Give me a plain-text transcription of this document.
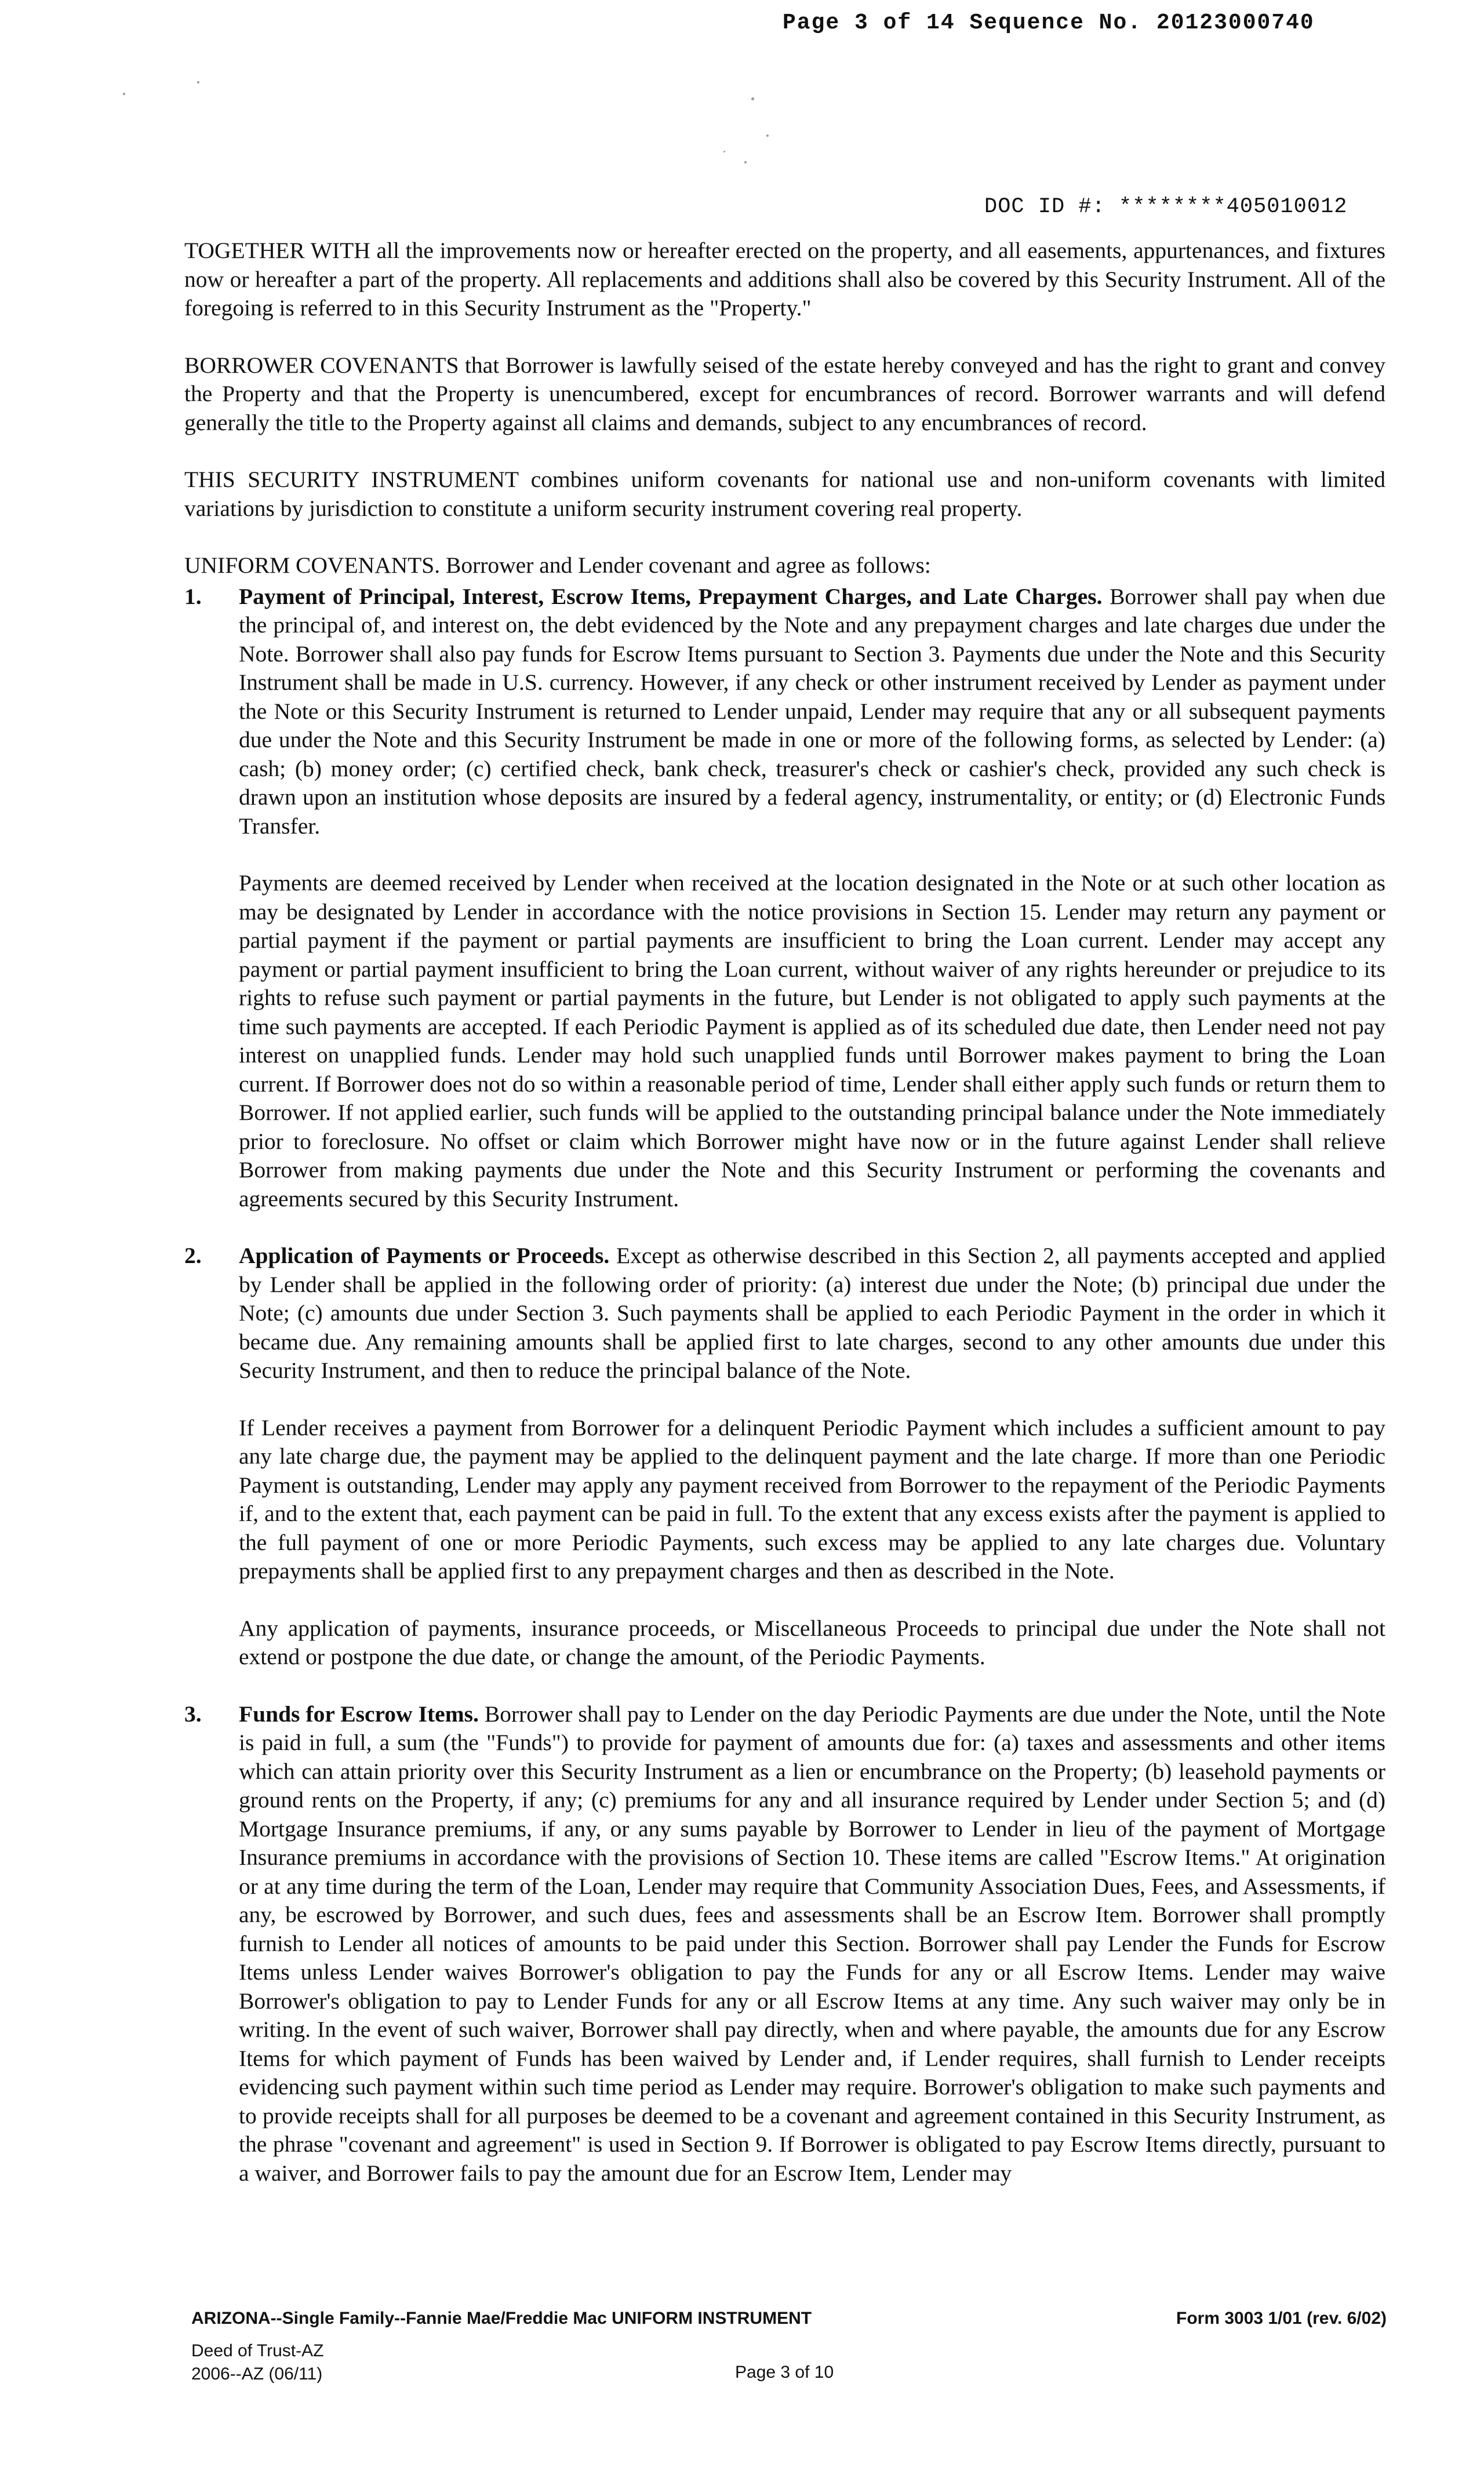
Page 3 of 14 Sequence No. 20123000740
DOC ID #: ********405010012

TOGETHER WITH all the improvements now or hereafter erected on the property, and all easements, appurtenances, and fixtures now or hereafter a part of the property. All replacements and additions shall also be covered by this Security Instrument. All of the foregoing is referred to in this Security Instrument as the "Property."

BORROWER COVENANTS that Borrower is lawfully seised of the estate hereby conveyed and has the right to grant and convey the Property and that the Property is unencumbered, except for encumbrances of record. Borrower warrants and will defend generally the title to the Property against all claims and demands, subject to any encumbrances of record.

THIS SECURITY INSTRUMENT combines uniform covenants for national use and non-uniform covenants with limited variations by jurisdiction to constitute a uniform security instrument covering real property.

UNIFORM COVENANTS. Borrower and Lender covenant and agree as follows:

1. Payment of Principal, Interest, Escrow Items, Prepayment Charges, and Late Charges. Borrower shall pay when due the principal of, and interest on, the debt evidenced by the Note and any prepayment charges and late charges due under the Note. Borrower shall also pay funds for Escrow Items pursuant to Section 3. Payments due under the Note and this Security Instrument shall be made in U.S. currency. However, if any check or other instrument received by Lender as payment under the Note or this Security Instrument is returned to Lender unpaid, Lender may require that any or all subsequent payments due under the Note and this Security Instrument be made in one or more of the following forms, as selected by Lender: (a) cash; (b) money order; (c) certified check, bank check, treasurer's check or cashier's check, provided any such check is drawn upon an institution whose deposits are insured by a federal agency, instrumentality, or entity; or (d) Electronic Funds Transfer.

Payments are deemed received by Lender when received at the location designated in the Note or at such other location as may be designated by Lender in accordance with the notice provisions in Section 15. Lender may return any payment or partial payment if the payment or partial payments are insufficient to bring the Loan current. Lender may accept any payment or partial payment insufficient to bring the Loan current, without waiver of any rights hereunder or prejudice to its rights to refuse such payment or partial payments in the future, but Lender is not obligated to apply such payments at the time such payments are accepted. If each Periodic Payment is applied as of its scheduled due date, then Lender need not pay interest on unapplied funds. Lender may hold such unapplied funds until Borrower makes payment to bring the Loan current. If Borrower does not do so within a reasonable period of time, Lender shall either apply such funds or return them to Borrower. If not applied earlier, such funds will be applied to the outstanding principal balance under the Note immediately prior to foreclosure. No offset or claim which Borrower might have now or in the future against Lender shall relieve Borrower from making payments due under the Note and this Security Instrument or performing the covenants and agreements secured by this Security Instrument.

2. Application of Payments or Proceeds. Except as otherwise described in this Section 2, all payments accepted and applied by Lender shall be applied in the following order of priority: (a) interest due under the Note; (b) principal due under the Note; (c) amounts due under Section 3. Such payments shall be applied to each Periodic Payment in the order in which it became due. Any remaining amounts shall be applied first to late charges, second to any other amounts due under this Security Instrument, and then to reduce the principal balance of the Note.

If Lender receives a payment from Borrower for a delinquent Periodic Payment which includes a sufficient amount to pay any late charge due, the payment may be applied to the delinquent payment and the late charge. If more than one Periodic Payment is outstanding, Lender may apply any payment received from Borrower to the repayment of the Periodic Payments if, and to the extent that, each payment can be paid in full. To the extent that any excess exists after the payment is applied to the full payment of one or more Periodic Payments, such excess may be applied to any late charges due. Voluntary prepayments shall be applied first to any prepayment charges and then as described in the Note.

Any application of payments, insurance proceeds, or Miscellaneous Proceeds to principal due under the Note shall not extend or postpone the due date, or change the amount, of the Periodic Payments.

3. Funds for Escrow Items. Borrower shall pay to Lender on the day Periodic Payments are due under the Note, until the Note is paid in full, a sum (the "Funds") to provide for payment of amounts due for: (a) taxes and assessments and other items which can attain priority over this Security Instrument as a lien or encumbrance on the Property; (b) leasehold payments or ground rents on the Property, if any; (c) premiums for any and all insurance required by Lender under Section 5; and (d) Mortgage Insurance premiums, if any, or any sums payable by Borrower to Lender in lieu of the payment of Mortgage Insurance premiums in accordance with the provisions of Section 10. These items are called "Escrow Items." At origination or at any time during the term of the Loan, Lender may require that Community Association Dues, Fees, and Assessments, if any, be escrowed by Borrower, and such dues, fees and assessments shall be an Escrow Item. Borrower shall promptly furnish to Lender all notices of amounts to be paid under this Section. Borrower shall pay Lender the Funds for Escrow Items unless Lender waives Borrower's obligation to pay the Funds for any or all Escrow Items. Lender may waive Borrower's obligation to pay to Lender Funds for any or all Escrow Items at any time. Any such waiver may only be in writing. In the event of such waiver, Borrower shall pay directly, when and where payable, the amounts due for any Escrow Items for which payment of Funds has been waived by Lender and, if Lender requires, shall furnish to Lender receipts evidencing such payment within such time period as Lender may require. Borrower's obligation to make such payments and to provide receipts shall for all purposes be deemed to be a covenant and agreement contained in this Security Instrument, as the phrase "covenant and agreement" is used in Section 9. If Borrower is obligated to pay Escrow Items directly, pursuant to a waiver, and Borrower fails to pay the amount due for an Escrow Item, Lender may

ARIZONA--Single Family--Fannie Mae/Freddie Mac UNIFORM INSTRUMENT	Form 3003 1/01 (rev. 6/02)
Deed of Trust-AZ
2006--AZ (06/11)	Page 3 of 10
